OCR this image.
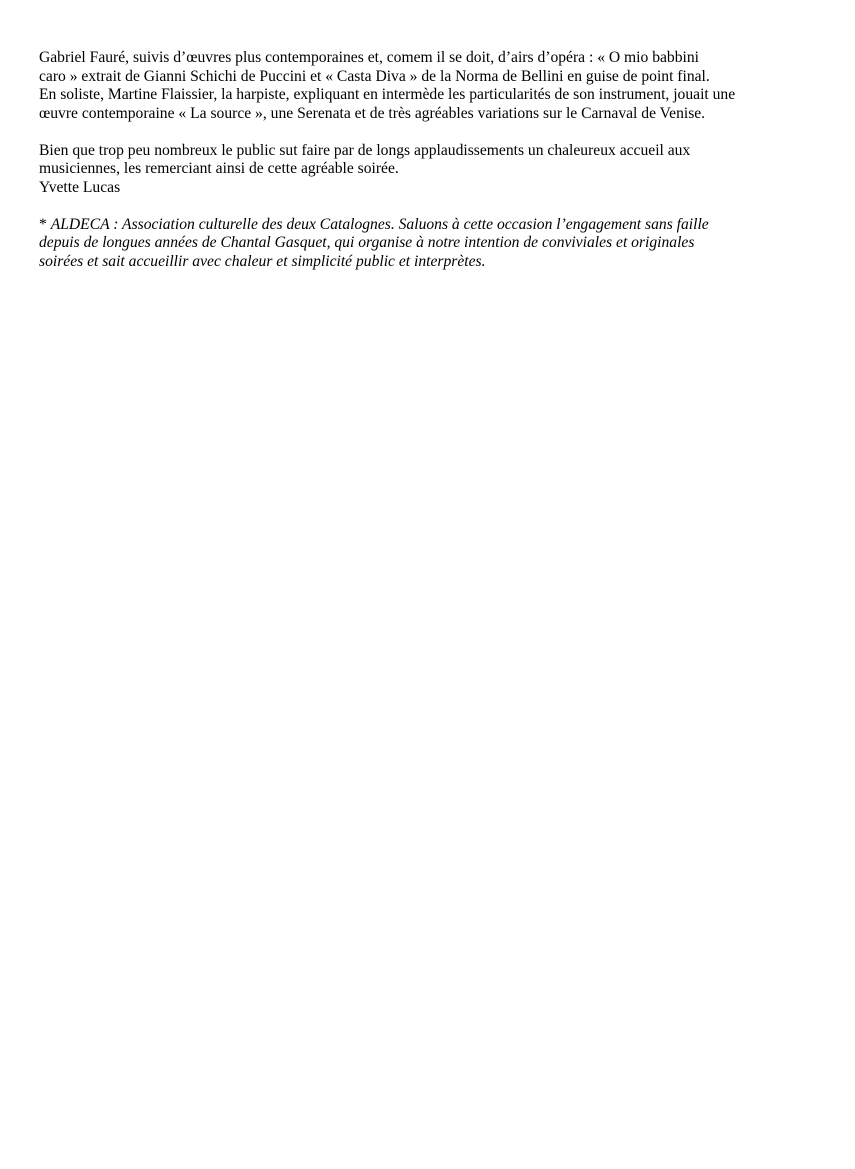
Gabriel Fauré, suivis d’œuvres plus contemporaines et, comem il se doit, d’airs d’opéra : « O mio babbini
caro » extrait de Gianni Schichi de Puccini et « Casta Diva » de la Norma de Bellini en guise de point final.
En soliste, Martine Flaissier, la harpiste, expliquant en intermède les particularités de son instrument, jouait une
œuvre contemporaine « La source », une Serenata et de très agréables variations sur le Carnaval de Venise.
Bien que trop peu nombreux le public sut faire par de longs applaudissements un chaleureux accueil aux
musiciennes, les remerciant ainsi de cette agréable soirée.
Yvette Lucas
* ALDECA : Association culturelle des deux Catalognes. Saluons à cette occasion l’engagement sans faille
depuis de longues années de Chantal Gasquet, qui organise à notre intention de conviviales et originales
soirées et sait accueillir avec chaleur et simplicité public et interprètes.
